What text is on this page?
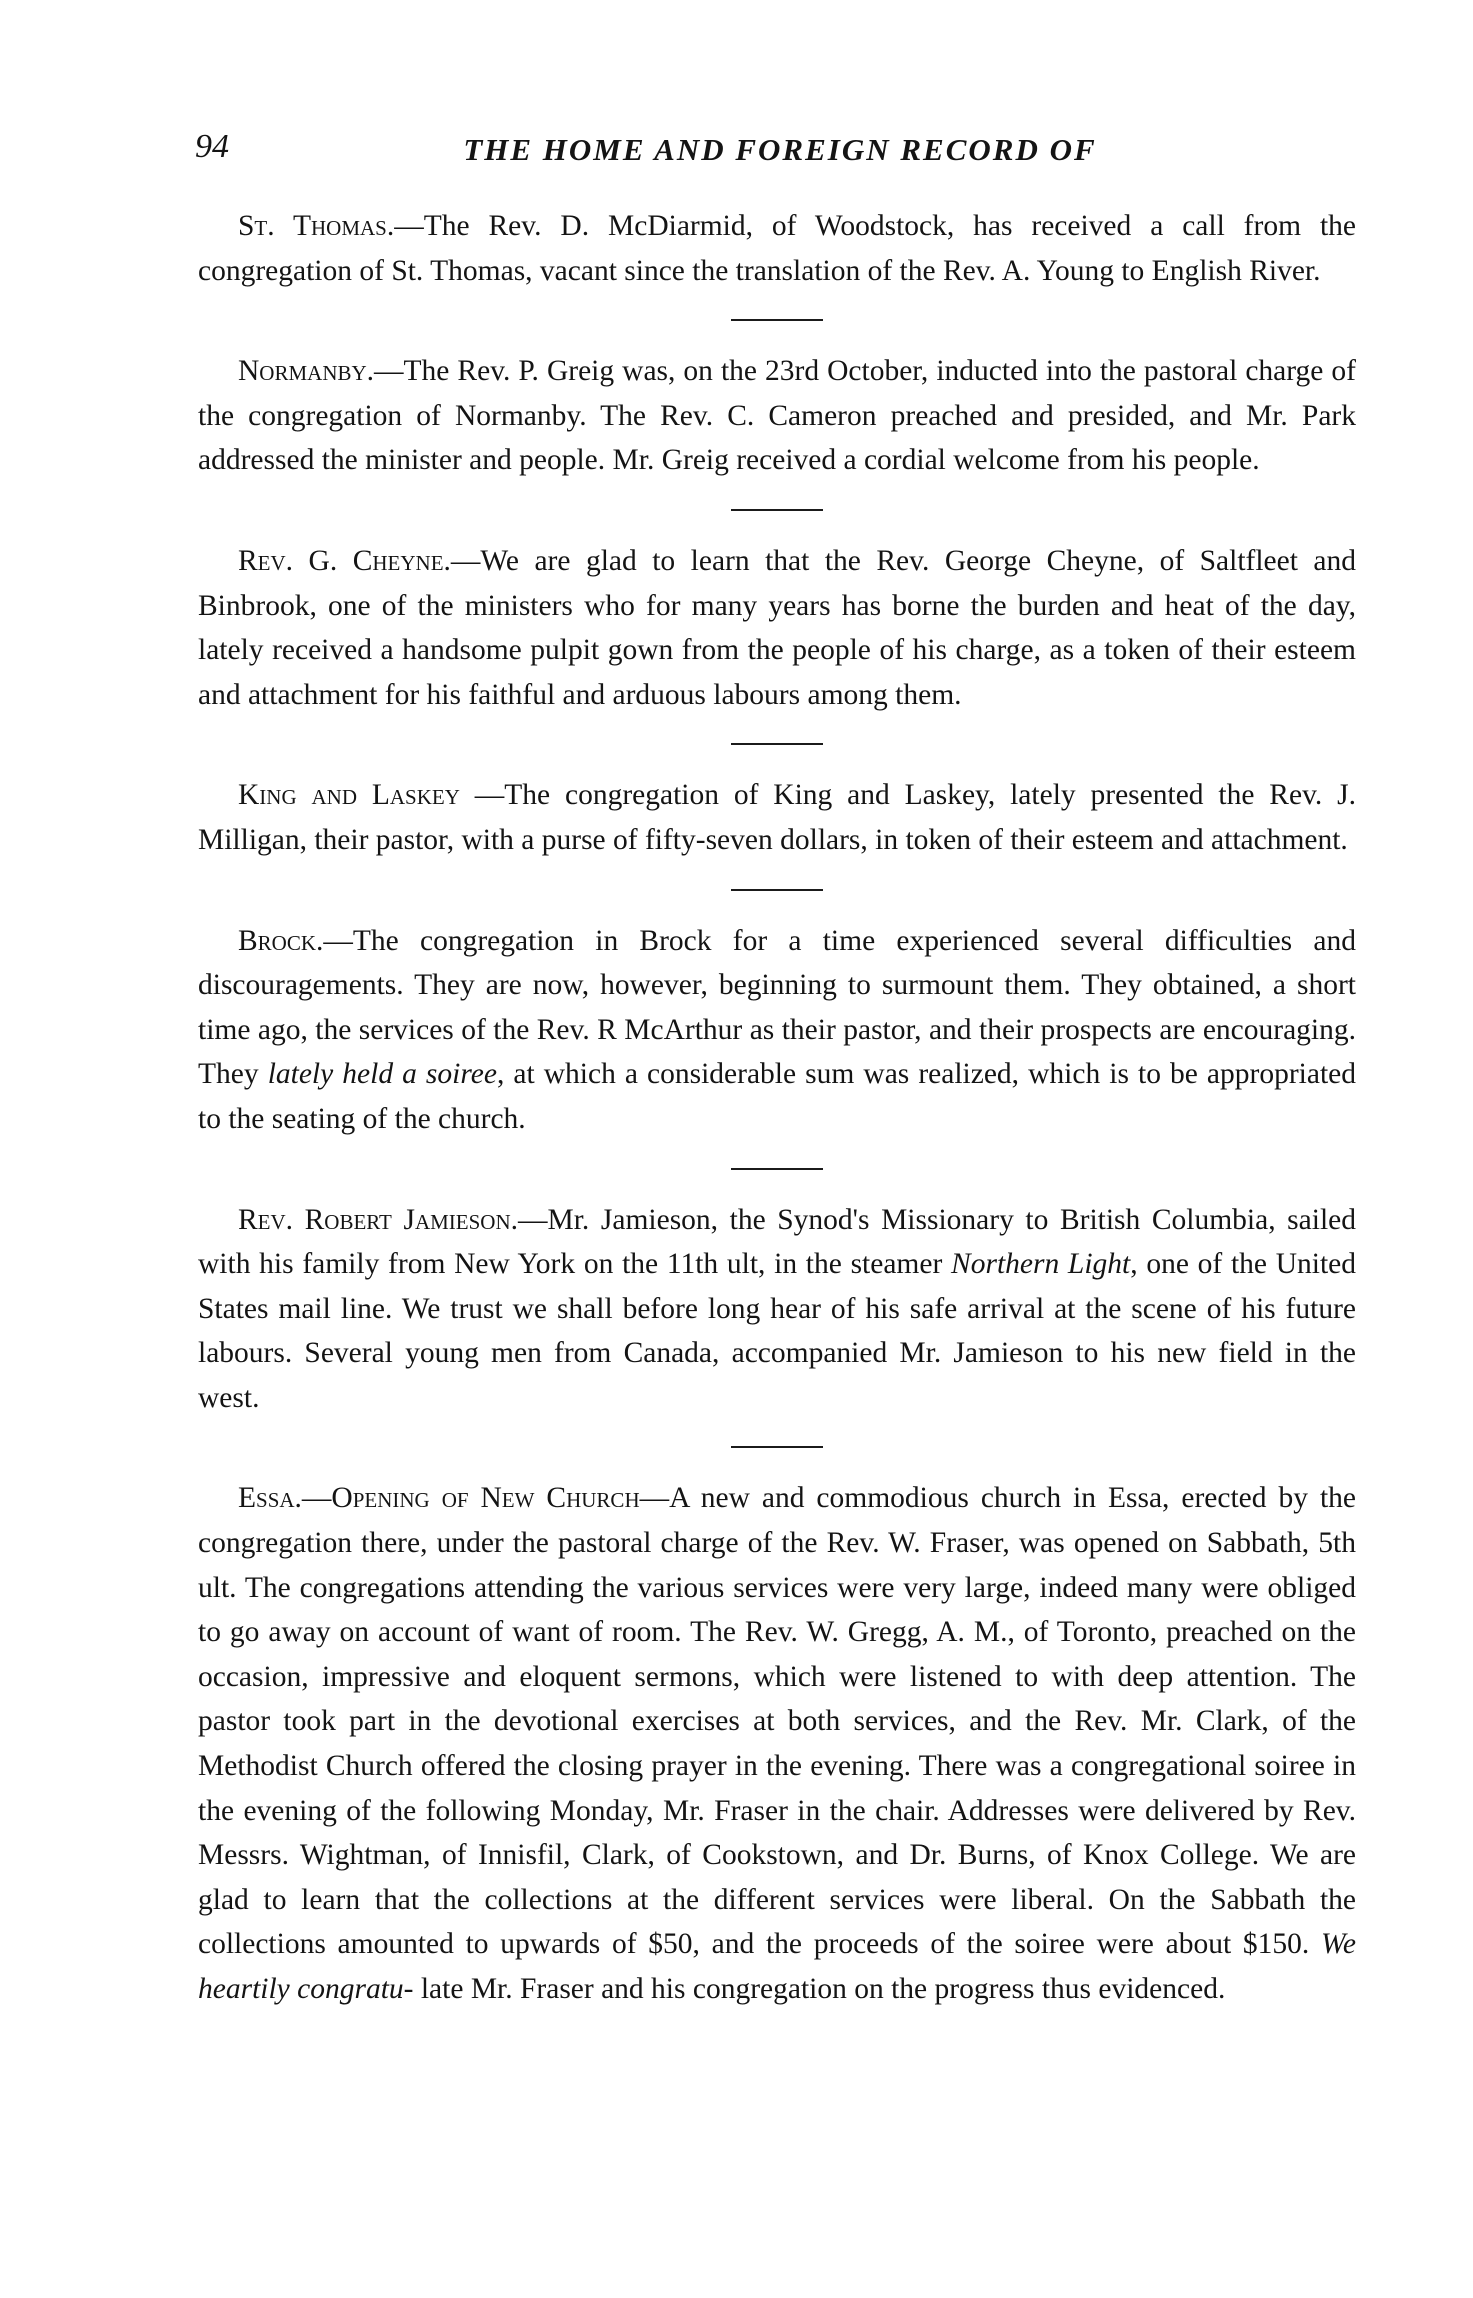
94	THE HOME AND FOREIGN RECORD OF

St. Thomas.—The Rev. D. McDiarmid, of Woodstock, has received a call from the congregation of St. Thomas, vacant since the translation of the Rev. A. Young to English River.

Normanby.—The Rev. P. Greig was, on the 23rd October, inducted into the pastoral charge of the congregation of Normanby. The Rev. C. Cameron preached and presided, and Mr. Park addressed the minister and people. Mr. Greig received a cordial welcome from his people.

Rev. G. Cheyne.—We are glad to learn that the Rev. George Cheyne, of Saltfleet and Binbrook, one of the ministers who for many years has borne the burden and heat of the day, lately received a handsome pulpit gown from the people of his charge, as a token of their esteem and attachment for his faithful and arduous labours among them.

King and Laskey —The congregation of King and Laskey, lately presented the Rev. J. Milligan, their pastor, with a purse of fifty-seven dollars, in token of their esteem and attachment.

Brock.—The congregation in Brock for a time experienced several difficulties and discouragements. They are now, however, beginning to surmount them. They obtained, a short time ago, the services of the Rev. R McArthur as their pastor, and their prospects are encouraging. They lately held a soiree, at which a considerable sum was realized, which is to be appropriated to the seating of the church.

Rev. Robert Jamieson.—Mr. Jamieson, the Synod's Missionary to British Columbia, sailed with his family from New York on the 11th ult, in the steamer Northern Light, one of the United States mail line. We trust we shall before long hear of his safe arrival at the scene of his future labours. Several young men from Canada, accompanied Mr. Jamieson to his new field in the west.

Essa.—Opening of New Church—A new and commodious church in Essa, erected by the congregation there, under the pastoral charge of the Rev. W. Fraser, was opened on Sabbath, 5th ult. The congregations attending the various services were very large, indeed many were obliged to go away on account of want of room. The Rev. W. Gregg, A. M., of Toronto, preached on the occasion, impressive and eloquent sermons, which were listened to with deep attention. The pastor took part in the devotional exercises at both services, and the Rev. Mr. Clark, of the Methodist Church offered the closing prayer in the evening. There was a congregational soiree in the evening of the following Monday, Mr. Fraser in the chair. Addresses were delivered by Rev. Messrs. Wightman, of Innisfil, Clark, of Cookstown, and Dr. Burns, of Knox College. We are glad to learn that the collections at the different services were liberal. On the Sabbath the collections amounted to upwards of $50, and the proceeds of the soiree were about $150. We heartily congratu- late Mr. Fraser and his congregation on the progress thus evidenced.
